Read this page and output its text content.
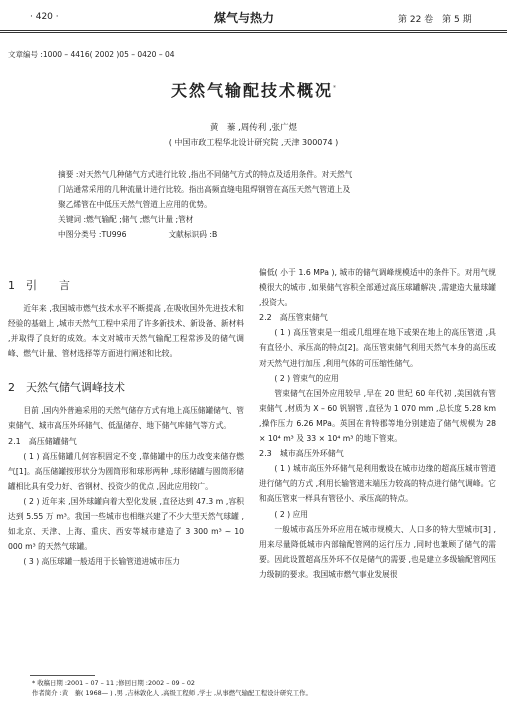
· 420 ·	煤气与热力	第 22 卷　第 5 期
文章编号 :1000 – 4416( 2002 )05 – 0420 – 04
天然气输配技术概况*
黄　蓁 ,周传利 ,张广煜
( 中国市政工程华北设计研究院 ,天津 300074 )
摘要 :对天然气几种储气方式进行比较 ,指出不同储气方式的特点及适用条件。对天然气
门站通常采用的几种流量计进行比较。指出高频直缝电阻焊钢管在高压天然气管道上及
聚乙烯管在中低压天然气管道上应用的优势。
关键词 :燃气输配 ;储气 ;燃气计量 ;管材
中图分类号 :TU996	文献标识码 :B
1　引　　言
近年来 ,我国城市燃气技术水平不断提高 ,在吸收国外先进技术和经验的基础上 ,城市天然气工程中采用了许多新技术、新设备、新材料 ,并取得了良好的成效。本文对城市天然气输配工程常涉及的储气调峰、燃气计量、管材选择等方面进行阐述和比较。
2　天然气储气调峰技术
目前 ,国内外普遍采用的天然气储存方式有地上高压储罐储气、管束储气、城市高压外环储气、低温储存、地下储气库储气等方式。
2.1　高压储罐储气
( 1 ) 高压储罐几何容积固定不变 ,靠储罐中的压力改变来储存燃气[1]。高压储罐按形状分为圆筒形和球形两种 ,球形储罐与圆筒形储罐相比具有受力好、省钢材、投资少的优点 ,因此应用较广。
( 2 ) 近年来 ,国外球罐向着大型化发展 ,直径达到 47.3 m ,容积达到 5.55 万 m³。我国一些城市也相继兴建了不少大型天然气球罐 ,如北京、天津、上海、重庆、西安等城市建造了 3 300 m³ ~ 10 000 m³ 的天然气球罐。
( 3 ) 高压球罐一般适用于长输管道进城市压力
偏低( 小于 1.6 MPa ), 城市的储气调峰规模适中的条件下。对用气规模很大的城市 ,如果储气容积全部通过高压球罐解决 ,需建造大量球罐 ,投资大。
2.2　高压管束储气
( 1 ) 高压管束是一组或几组埋在地下或架在地上的高压管道 ,具有直径小、承压高的特点[2]。高压管束储气利用天然气本身的高压或对天然气进行加压 ,利用气体的可压缩性储气。
( 2 ) 管束气的应用
管束储气在国外应用较早 ,早在 20 世纪 60 年代初 ,美国就有管束储气 ,材质为 X – 60 钒钢管 ,直径为 1 070 mm ,总长度 5.28 km ,操作压力 6.26 MPa。英国在肯特郡等地分别建造了储气规模为 28 × 10⁴ m³ 及 33 × 10⁴ m³ 的地下管束。
2.3　城市高压外环储气
( 1 ) 城市高压外环储气是利用敷设在城市边缘的超高压城市管道进行储气的方式 ,利用长输管道末端压力较高的特点进行储气调峰。它和高压管束一样具有管径小、承压高的特点。
( 2 ) 应用
一般城市高压外环应用在城市规模大、人口多的特大型城市[3] ,用来尽量降低城市内部输配管网的运行压力 ,同时也兼顾了储气的需要。因此设置超高压外环不仅是储气的需要 ,也是建立多级输配管网压力级制的要求。我国城市燃气事业发展很
* 收稿日期 :2001 – 07 – 11 ;修回日期 :2002 – 09 – 02
作者简介 :黄　蓁( 1968— ) ,男 ,吉林敦化人 ,高级工程师 ,学士 ,从事燃气输配工程设计研究工作。
